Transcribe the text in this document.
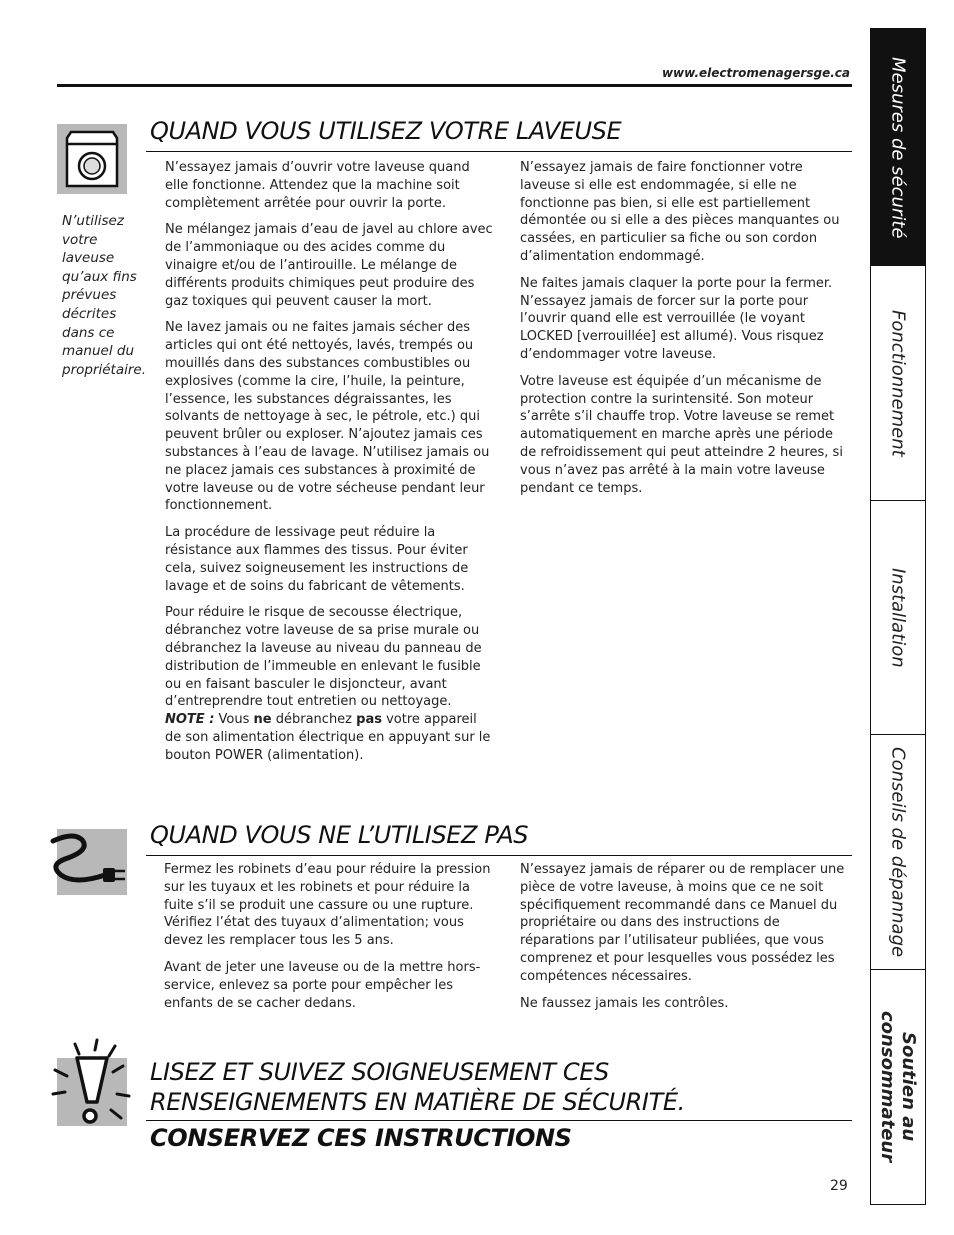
www.electromenagersge.ca
QUAND VOUS UTILISEZ VOTRE LAVEUSE
N’utilisez votre laveuse qu’aux fins prévues décrites dans ce manuel du propriétaire.

N’essayez jamais d’ouvrir votre laveuse quand elle fonctionne. Attendez que la machine soit complètement arrêtée pour ouvrir la porte.

Ne mélangez jamais d’eau de javel au chlore avec de l’ammoniaque ou des acides comme du vinaigre et/ou de l’antirouille. Le mélange de différents produits chimiques peut produire des gaz toxiques qui peuvent causer la mort.

Ne lavez jamais ou ne faites jamais sécher des articles qui ont été nettoyés, lavés, trempés ou mouillés dans des substances combustibles ou explosives (comme la cire, l’huile, la peinture, l’essence, les substances dégraissantes, les solvants de nettoyage à sec, le pétrole, etc.) qui peuvent brûler ou exploser. N’ajoutez jamais ces substances à l’eau de lavage. N’utilisez jamais ou ne placez jamais ces substances à proximité de votre laveuse ou de votre sécheuse pendant leur fonctionnement.

La procédure de lessivage peut réduire la résistance aux flammes des tissus. Pour éviter cela, suivez soigneusement les instructions de lavage et de soins du fabricant de vêtements.

Pour réduire le risque de secousse électrique, débranchez votre laveuse de sa prise murale ou débranchez la laveuse au niveau du panneau de distribution de l’immeuble en enlevant le fusible ou en faisant basculer le disjoncteur, avant d’entreprendre tout entretien ou nettoyage. NOTE : Vous ne débranchez pas votre appareil de son alimentation électrique en appuyant sur le bouton POWER (alimentation).

N’essayez jamais de faire fonctionner votre laveuse si elle est endommagée, si elle ne fonctionne pas bien, si elle est partiellement démontée ou si elle a des pièces manquantes ou cassées, en particulier sa fiche ou son cordon d’alimentation endommagé.

Ne faites jamais claquer la porte pour la fermer. N’essayez jamais de forcer sur la porte pour l’ouvrir quand elle est verrouillée (le voyant LOCKED [verrouillée] est allumé). Vous risquez d’endommager votre laveuse.

Votre laveuse est équipée d’un mécanisme de protection contre la surintensité. Son moteur s’arrête s’il chauffe trop. Votre laveuse se remet automatiquement en marche après une période de refroidissement qui peut atteindre 2 heures, si vous n’avez pas arrêté à la main votre laveuse pendant ce temps.

QUAND VOUS NE L’UTILISEZ PAS

Fermez les robinets d’eau pour réduire la pression sur les tuyaux et les robinets et pour réduire la fuite s’il se produit une cassure ou une rupture. Vérifiez l’état des tuyaux d’alimentation; vous devez les remplacer tous les 5 ans.

Avant de jeter une laveuse ou de la mettre hors-service, enlevez sa porte pour empêcher les enfants de se cacher dedans.

N’essayez jamais de réparer ou de remplacer une pièce de votre laveuse, à moins que ce ne soit spécifiquement recommandé dans ce Manuel du propriétaire ou dans des instructions de réparations par l’utilisateur publiées, que vous comprenez et pour lesquelles vous possédez les compétences nécessaires.

Ne faussez jamais les contrôles.

LISEZ ET SUIVEZ SOIGNEUSEMENT CES
RENSEIGNEMENTS EN MATIÈRE DE SÉCURITÉ.
CONSERVEZ CES INSTRUCTIONS
Mesures de sécurité
Fonctionnement
Installation
Conseils de dépannage
Soutien au
consommateur
29
